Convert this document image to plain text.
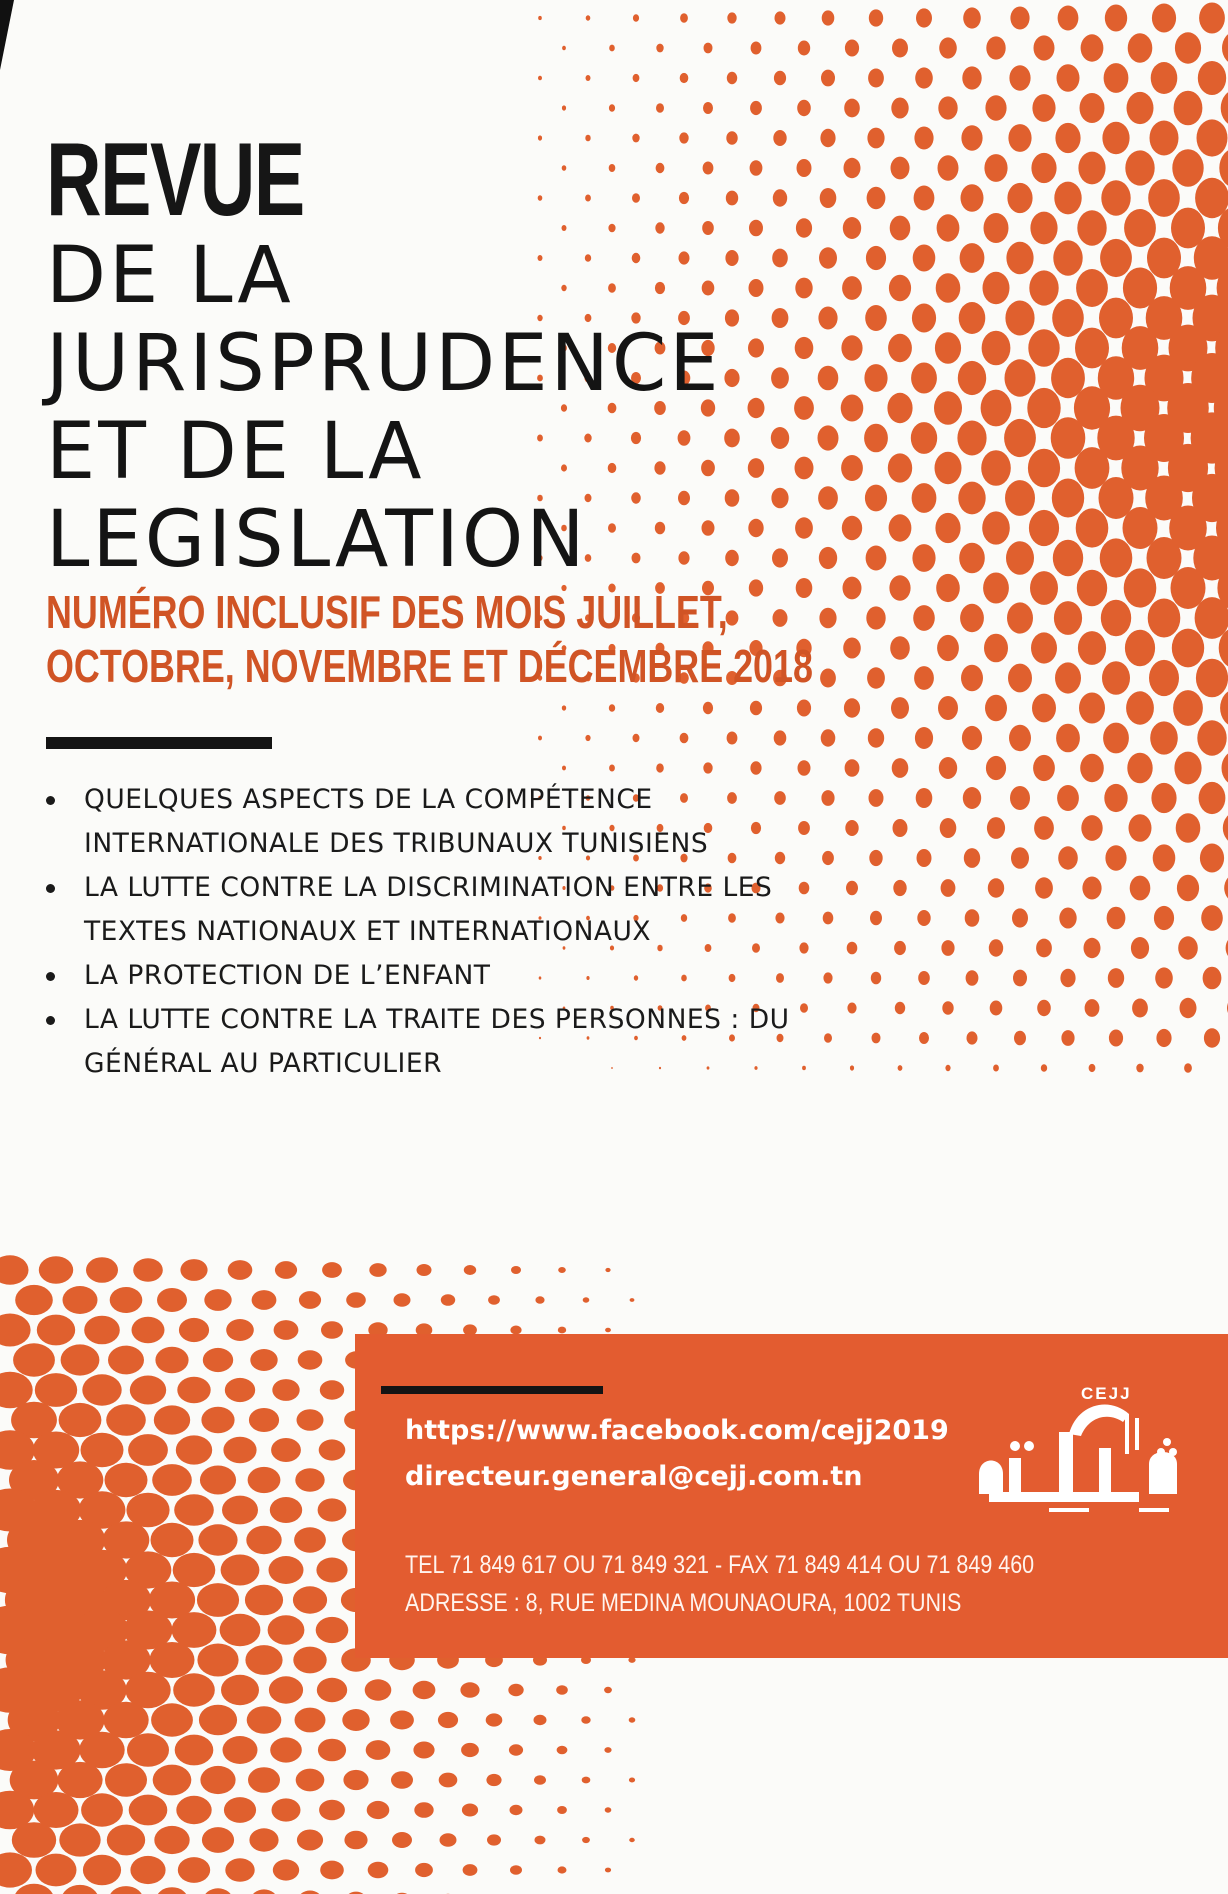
REVUE
DE LA
JURISPRUDENCE
ET DE LA
LEGISLATION
NUMÉRO INCLUSIF DES MOIS JUILLET,
OCTOBRE, NOVEMBRE ET DÉCEMBRE 2018
QUELQUES ASPECTS DE LA COMPÉTENCE
INTERNATIONALE DES TRIBUNAUX TUNISIENS
LA LUTTE CONTRE LA DISCRIMINATION ENTRE LES
TEXTES NATIONAUX ET INTERNATIONAUX
LA PROTECTION DE L’ENFANT
LA LUTTE CONTRE LA TRAITE DES PERSONNES : DU
GÉNÉRAL AU PARTICULIER
https://www.facebook.com/cejj2019
directeur.general@cejj.com.tn
TEL 71 849 617 OU 71 849 321 - FAX 71 849 414 OU 71 849 460
ADRESSE : 8, RUE MEDINA MOUNAOURA, 1002 TUNIS
CEJJ
